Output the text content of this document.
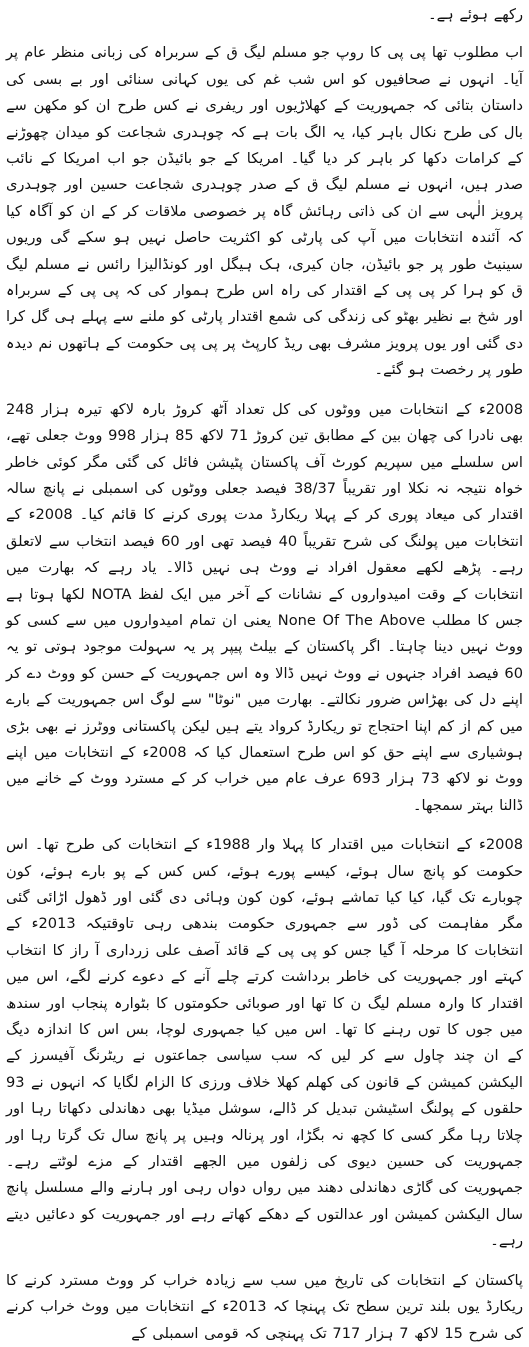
رکھے ہوئے ہے۔

اب مطلوب تھا پی پی کا روپ جو مسلم لیگ ق کے سربراہ کی زبانی منظر عام پر آیا۔ انہوں نے صحافیوں کو اس شب غم کی یوں کہانی سنائی اور بے بسی کی داستان بتائی کہ جمہوریت کے کھلاڑیوں اور ریفری نے کس طرح ان کو مکھن سے بال کی طرح نکال باہر کیا، یہ الگ بات ہے کہ چوہدری شجاعت کو میدان چھوڑنے کے کرامات دکھا کر باہر کر دیا گیا۔ امریکا کے جو بائیڈن جو اب امریکا کے نائب صدر ہیں، انہوں نے مسلم لیگ ق کے صدر چوہدری شجاعت حسین اور چوہدری پرویز الٰہی سے ان کی ذاتی رہائش گاہ پر خصوصی ملاقات کر کے ان کو آگاہ کیا کہ آئندہ انتخابات میں آپ کی پارٹی کو اکثریت حاصل نہیں ہو سکے گی وریوں سینیٹ طور پر جو بائیڈن، جان کیری، ہک ہیگل اور کونڈالیزا رائس نے مسلم لیگ ق کو ہرا کر پی پی کے اقتدار کی راہ اس طرح ہموار کی کہ پی پی کے سربراہ اور شخ بے نظیر بھٹو کی زندگی کی شمع اقتدار پارٹی کو ملنے سے پہلے ہی گل کرا دی گئی اور یوں پرویز مشرف بھی ریڈ کارپٹ پر پی پی حکومت کے ہاتھوں نم دیدہ طور پر رخصت ہو گئے۔

2008ء کے انتخابات میں ووٹوں کی کل تعداد آٹھ کروڑ بارہ لاکھ تیرہ ہزار 248 بھی نادرا کی چھان بین کے مطابق تین کروڑ 71 لاکھ 85 ہزار 998 ووٹ جعلی تھے، اس سلسلے میں سپریم کورٹ آف پاکستان پٹیشن فائل کی گئی مگر کوئی خاطر خواہ نتیجہ نہ نکلا اور تقریباً 38/37 فیصد جعلی ووٹوں کی اسمبلی نے پانچ سالہ اقتدار کی میعاد پوری کر کے پہلا ریکارڈ مدت پوری کرنے کا قائم کیا۔ 2008ء کے انتخابات میں پولنگ کی شرح تقریباً 40 فیصد تھی اور 60 فیصد انتخاب سے لاتعلق رہے۔ پڑھے لکھے معقول افراد نے ووٹ ہی نہیں ڈالا۔ یاد رہے کہ بھارت میں انتخابات کے وقت امیدواروں کے نشانات کے آخر میں ایک لفظ NOTA لکھا ہوتا ہے جس کا مطلب None Of The Above یعنی ان تمام امیدواروں میں سے کسی کو ووٹ نہیں دینا چاہتا۔ اگر پاکستان کے بیلٹ پیپر پر یہ سہولت موجود ہوتی تو یہ 60 فیصد افراد جنہوں نے ووٹ نہیں ڈالا وہ اس جمہوریت کے حسن کو ووٹ دے کر اپنے دل کی بھڑاس ضرور نکالتے۔ بھارت میں "نوٹا" سے لوگ اس جمہوریت کے بارے میں کم از کم اپنا احتجاج تو ریکارڈ کرواد یتے ہیں لیکن پاکستانی ووٹرز نے بھی بڑی ہوشیاری سے اپنے حق کو اس طرح استعمال کیا کہ 2008ء کے انتخابات میں اپنے ووٹ نو لاکھ 73 ہزار 693 عرف عام میں خراب کر کے مسترد ووٹ کے خانے میں ڈالنا بہتر سمجھا۔

2008ء کے انتخابات میں اقتدار کا پہلا وار 1988ء کے انتخابات کی طرح تھا۔ اس حکومت کو پانچ سال ہوئے، کیسے پورے ہوئے، کس کس کے پو بارے ہوئے، کون چوبارے تک گیا، کیا کیا تماشے ہوئے، کون کون وہائی دی گئی اور ڈھول اڑائی گئی مگر مفاہمت کی ڈور سے جمہوری حکومت بندھی رہی تاوقتیکہ 2013ء کے انتخابات کا مرحلہ آ گیا جس کو پی پی کے قائد آصف علی زرداری آ راز کا انتخاب کہتے اور جمہوریت کی خاطر برداشت کرتے چلے آنے کے دعوے کرنے لگے، اس میں اقتدار کا وارہ مسلم لیگ ن کا تھا اور صوبائی حکومتوں کا بٹوارہ پنجاب اور سندھ میں جوں کا توں رہنے کا تھا۔ اس میں کیا جمہوری لوچا، بس اس کا اندازہ دیگ کے ان چند چاول سے کر لیں کہ سب سیاسی جماعتوں نے ریٹرنگ آفیسرز کے الیکشن کمیشن کے قانون کی کھلم کھلا خلاف ورزی کا الزام لگایا کہ انہوں نے 93 حلقوں کے پولنگ اسٹیشن تبدیل کر ڈالے، سوشل میڈیا بھی دھاندلی دکھاتا رہا اور چلاتا رہا مگر کسی کا کچھ نہ بگڑا، اور پرنالہ وہیں پر پانچ سال تک گرتا رہا اور جمہوریت کی حسین دیوی کی زلفوں میں الجھے اقتدار کے مزے لوٹتے رہے۔ جمہوریت کی گاڑی دھاندلی دھند میں رواں دواں رہی اور ہارنے والے مسلسل پانچ سال الیکشن کمیشن اور عدالتوں کے دھکے کھاتے رہے اور جمہوریت کو دعائیں دیتے رہے۔

پاکستان کے انتخابات کی تاریخ میں سب سے زیادہ خراب کر ووٹ مسترد کرنے کا ریکارڈ یوں بلند ترین سطح تک پہنچا کہ 2013ء کے انتخابات میں ووٹ خراب کرنے کی شرح 15 لاکھ 7 ہزار 717 تک پہنچی کہ قومی اسمبلی کے
